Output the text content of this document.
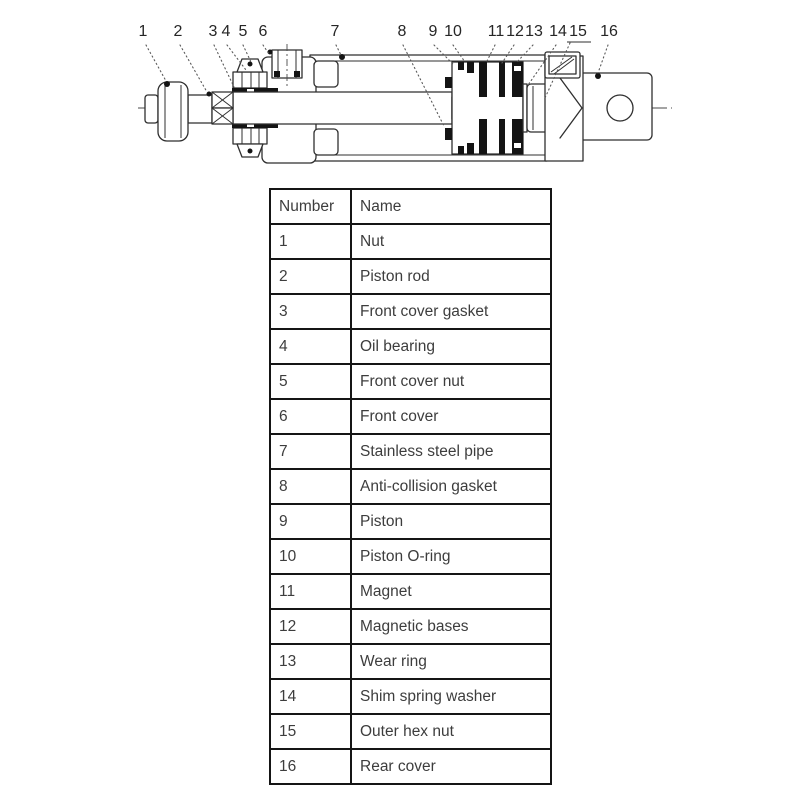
1	2	3 4 5 6	7	8	9 10	11 12 13 14 15 16
Number	Name
1	Nut
2	Piston rod
3	Front cover gasket
4	Oil bearing
5	Front cover nut
6	Front cover
7	Stainless steel pipe
8	Anti-collision gasket
9	Piston
10	Piston O-ring
11	Magnet
12	Magnetic bases
13	Wear ring
14	Shim spring washer
15	Outer hex nut
16	Rear cover
